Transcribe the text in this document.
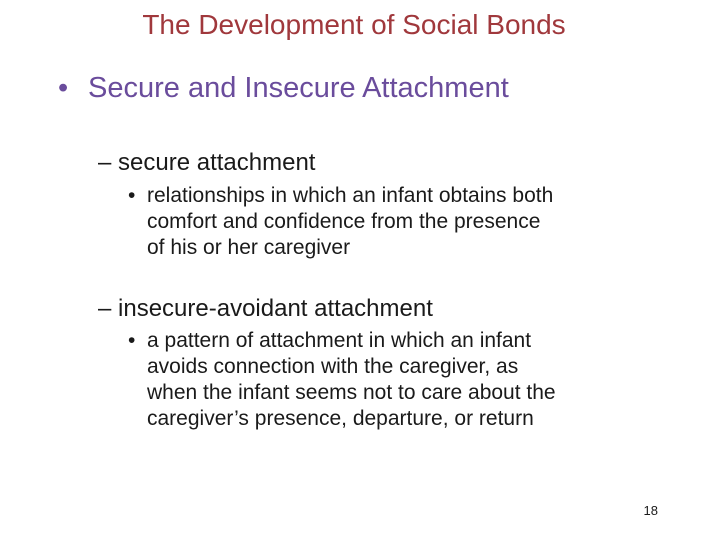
The Development of Social Bonds
• Secure and Insecure Attachment
– secure attachment
• relationships in which an infant obtains both
comfort and confidence from the presence
of his or her caregiver
– insecure-avoidant attachment
• a pattern of attachment in which an infant
avoids connection with the caregiver, as
when the infant seems not to care about the
caregiver’s presence, departure, or return
18
